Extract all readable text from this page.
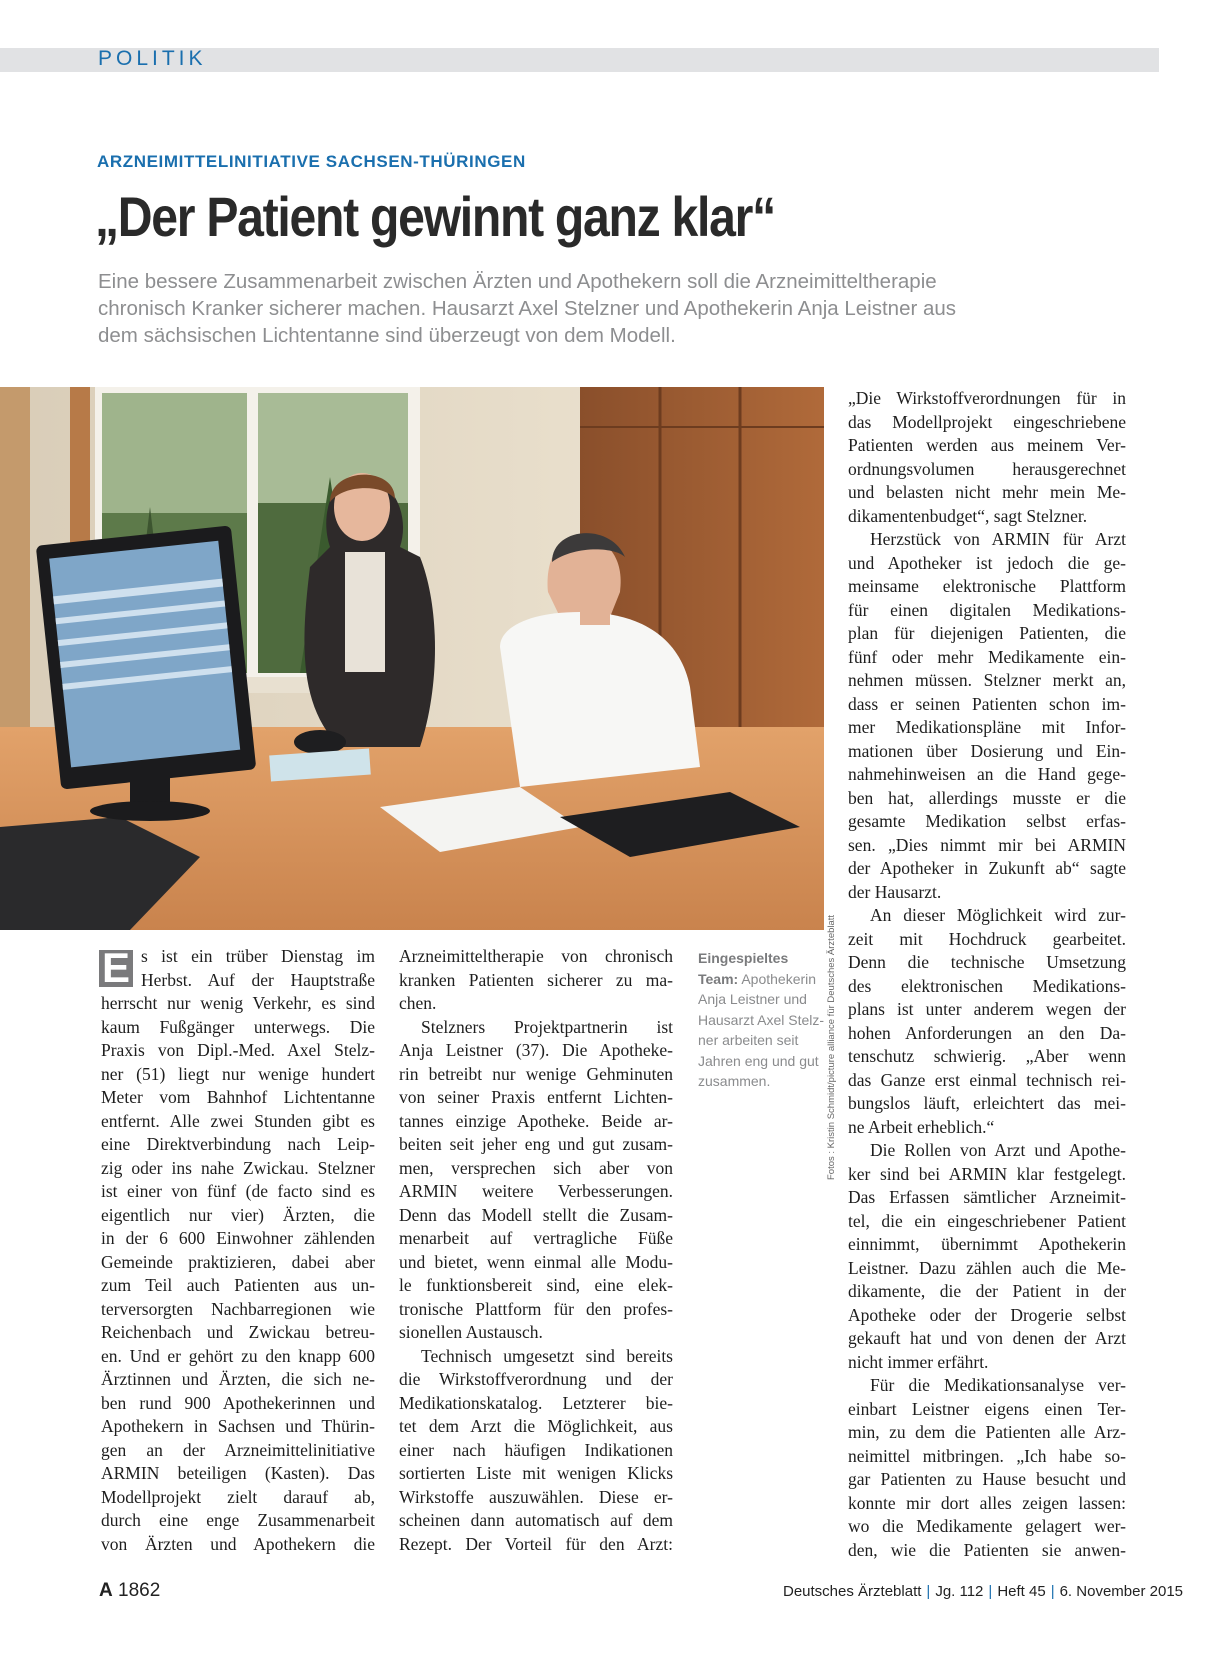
POLITIK
ARZNEIMITTELINITIATIVE SACHSEN-THÜRINGEN
„Der Patient gewinnt ganz klar“
Eine bessere Zusammenarbeit zwischen Ärzten und Apothekern soll die Arzneimitteltherapie
chronisch Kranker sicherer machen. Hausarzt Axel Stelzner und Apothekerin Anja Leistner aus
dem sächsischen Lichtentanne sind überzeugt von dem Modell.
Fotos : Kristin Schmidt/picture alliance für Deutsches Ärzteblatt
E s ist ein trüber Dienstag im
Herbst. Auf der Hauptstraße
herrscht nur wenig Verkehr, es sind
kaum Fußgänger unterwegs. Die
Praxis von Dipl.-Med. Axel Stelz-
ner (51) liegt nur wenige hundert
Meter vom Bahnhof Lichtentanne
entfernt. Alle zwei Stunden gibt es
eine Direktverbindung nach Leip-
zig oder ins nahe Zwickau. Stelzner
ist einer von fünf (de facto sind es
eigentlich nur vier) Ärzten, die
in der 6 600 Einwohner zählenden
Gemeinde praktizieren, dabei aber
zum Teil auch Patienten aus un-
terversorgten Nachbarregionen wie
Reichenbach und Zwickau betreu-
en. Und er gehört zu den knapp 600
Ärztinnen und Ärzten, die sich ne-
ben rund 900 Apothekerinnen und
Apothekern in Sachsen und Thürin-
gen an der Arzneimittelinitiative
ARMIN beteiligen (Kasten). Das
Modellprojekt zielt darauf ab,
durch eine enge Zusammenarbeit
von Ärzten und Apothekern die
Arzneimitteltherapie von chronisch
kranken Patienten sicherer zu ma-
chen.
Stelzners Projektpartnerin ist
Anja Leistner (37). Die Apotheke-
rin betreibt nur wenige Gehminuten
von seiner Praxis entfernt Lichten-
tannes einzige Apotheke. Beide ar-
beiten seit jeher eng und gut zusam-
men, versprechen sich aber von
ARMIN weitere Verbesserungen.
Denn das Modell stellt die Zusam-
menarbeit auf vertragliche Füße
und bietet, wenn einmal alle Modu-
le funktionsbereit sind, eine elek-
tronische Plattform für den profes-
sionellen Austausch.
Technisch umgesetzt sind bereits
die Wirkstoffverordnung und der
Medikationskatalog. Letzterer bie-
tet dem Arzt die Möglichkeit, aus
einer nach häufigen Indikationen
sortierten Liste mit wenigen Klicks
Wirkstoffe auszuwählen. Diese er-
scheinen dann automatisch auf dem
Rezept. Der Vorteil für den Arzt:
Eingespieltes
Team: Apothekerin
Anja Leistner und
Hausarzt Axel Stelz-
ner arbeiten seit
Jahren eng und gut
zusammen.
„Die Wirkstoffverordnungen für in
das Modellprojekt eingeschriebene
Patienten werden aus meinem Ver-
ordnungsvolumen herausgerechnet
und belasten nicht mehr mein Me-
dikamentenbudget“, sagt Stelzner.
Herzstück von ARMIN für Arzt
und Apotheker ist jedoch die ge-
meinsame elektronische Plattform
für einen digitalen Medikations-
plan für diejenigen Patienten, die
fünf oder mehr Medikamente ein-
nehmen müssen. Stelzner merkt an,
dass er seinen Patienten schon im-
mer Medikationspläne mit Infor-
mationen über Dosierung und Ein-
nahmehinweisen an die Hand gege-
ben hat, allerdings musste er die
gesamte Medikation selbst erfas-
sen. „Dies nimmt mir bei ARMIN
der Apotheker in Zukunft ab“ sagte
der Hausarzt.
An dieser Möglichkeit wird zur-
zeit mit Hochdruck gearbeitet.
Denn die technische Umsetzung
des elektronischen Medikations-
plans ist unter anderem wegen der
hohen Anforderungen an den Da-
tenschutz schwierig. „Aber wenn
das Ganze erst einmal technisch rei-
bungslos läuft, erleichtert das mei-
ne Arbeit erheblich.“
Die Rollen von Arzt und Apothe-
ker sind bei ARMIN klar festgelegt.
Das Erfassen sämtlicher Arzneimit-
tel, die ein eingeschriebener Patient
einnimmt, übernimmt Apothekerin
Leistner. Dazu zählen auch die Me-
dikamente, die der Patient in der
Apotheke oder der Drogerie selbst
gekauft hat und von denen der Arzt
nicht immer erfährt.
Für die Medikationsanalyse ver-
einbart Leistner eigens einen Ter-
min, zu dem die Patienten alle Arz-
neimittel mitbringen. „Ich habe so-
gar Patienten zu Hause besucht und
konnte mir dort alles zeigen lassen:
wo die Medikamente gelagert wer-
den, wie die Patienten sie anwen-
A 1862	Deutsches Ärzteblatt | Jg. 112 | Heft 45 | 6. November 2015
